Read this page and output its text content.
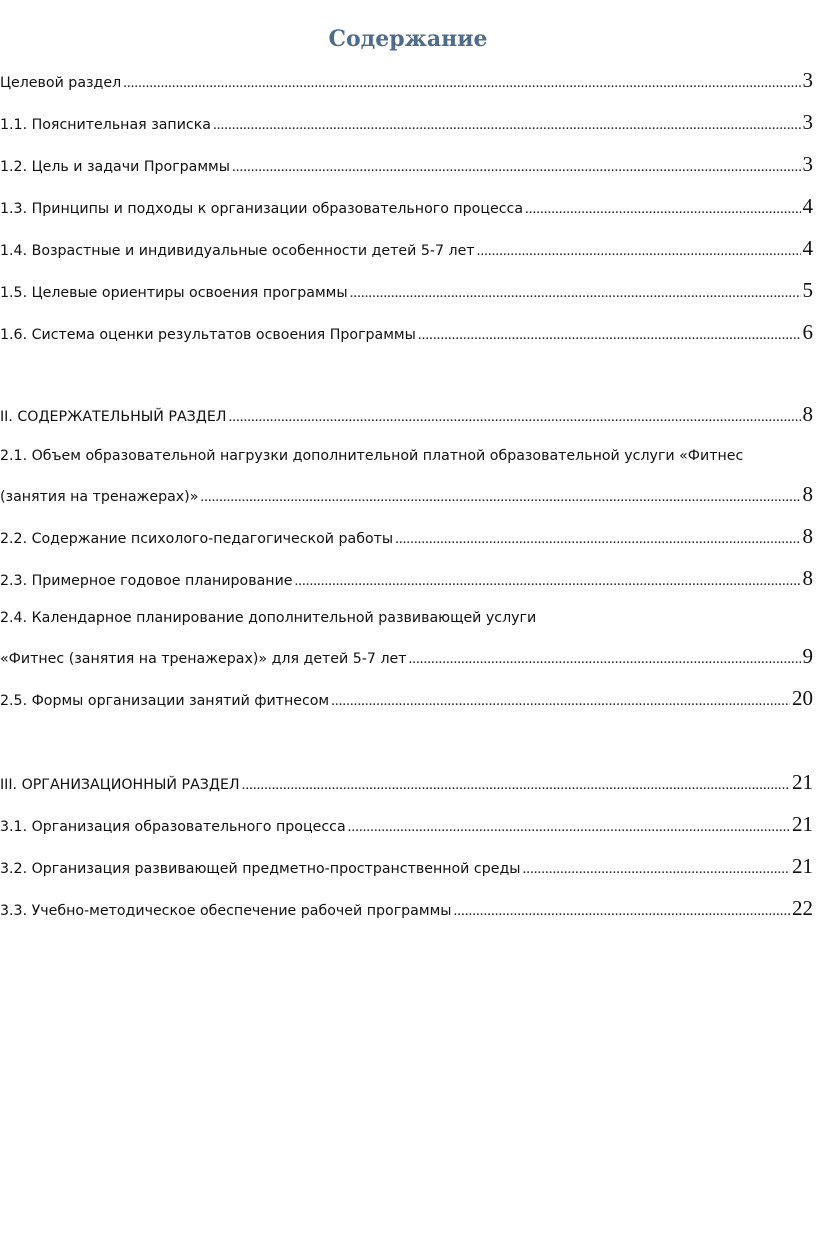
Содержание
Целевой раздел .....	3
1.1. Пояснительная записка .....	3
1.2. Цель и задачи Программы .....	3
1.3. Принципы и подходы к организации образовательного процесса .....	4
1.4. Возрастные и индивидуальные особенности детей 5-7 лет .....	4
1.5. Целевые ориентиры освоения программы .....	5
1.6. Система оценки результатов освоения Программы .....	6
II. СОДЕРЖАТЕЛЬНЫЙ РАЗДЕЛ .....	8
2.1. Объем образовательной нагрузки дополнительной платной образовательной услуги «Фитнес
(занятия на тренажерах)» .....	8
2.2. Содержание психолого-педагогической работы .....	8
2.3. Примерное годовое планирование .....	8
2.4. Календарное планирование дополнительной развивающей услуги
«Фитнес (занятия на тренажерах)» для детей 5-7 лет .....	9
2.5. Формы организации занятий фитнесом .....	20
III. ОРГАНИЗАЦИОННЫЙ РАЗДЕЛ .....	21
3.1. Организация образовательного процесса .....	21
3.2. Организация развивающей предметно-пространственной среды .....	21
3.3. Учебно-методическое обеспечение рабочей программы .....	22
